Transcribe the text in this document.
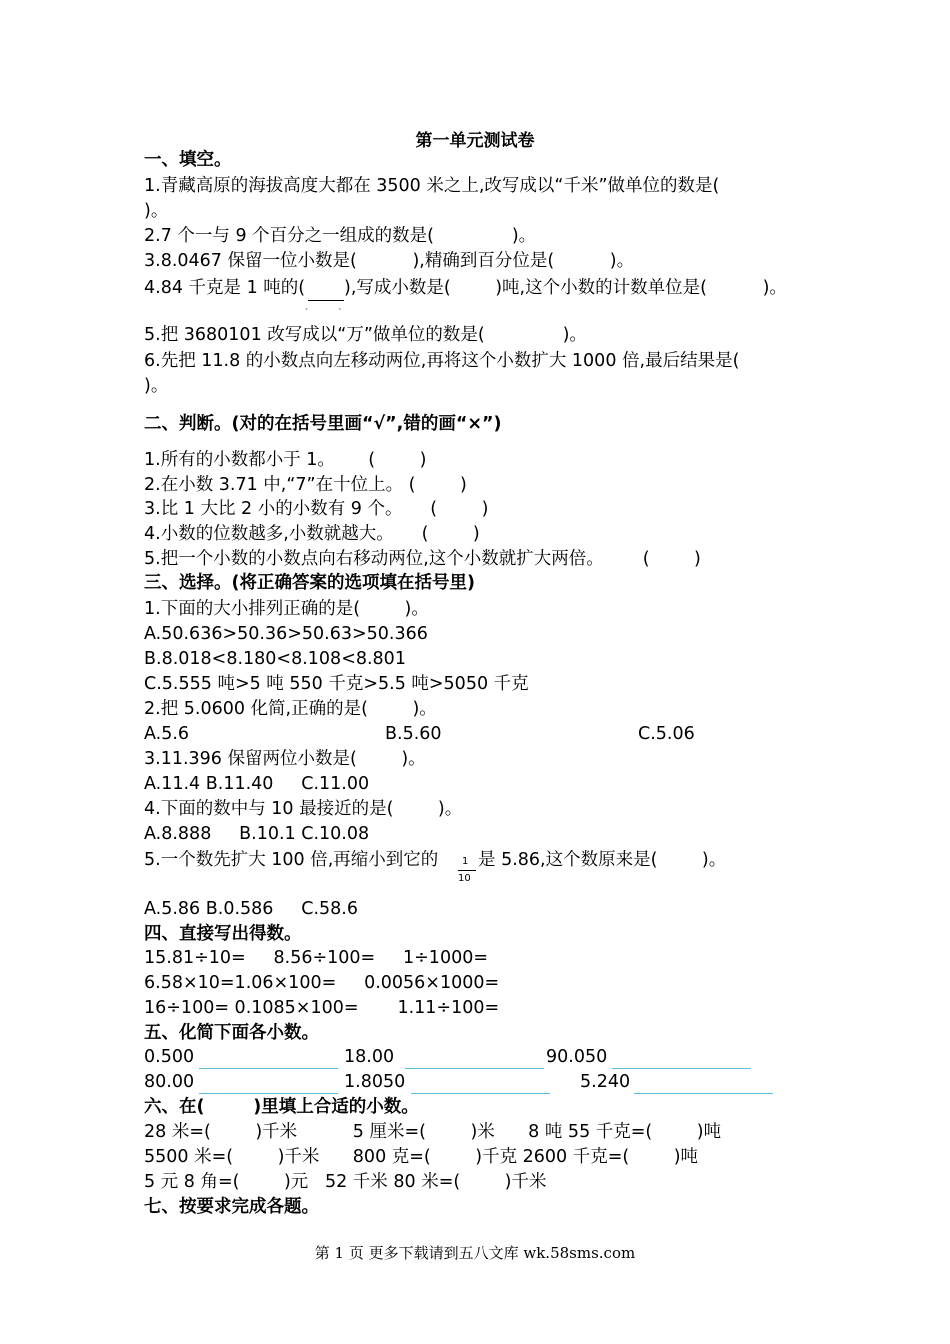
第一单元测试卷
一、填空。
1.青藏高原的海拔高度大都在 3500 米之上,改写成以“千米”做单位的数是(
)。
2.7 个一与 9 个百分之一组成的数是(              )。
3.8.0467 保留一位小数是(          ),精确到百分位是(          )。
4.84 千克是 1 吨的( ),写成小数是(        )吨,这个小数的计数单位是(          )。
ˏ	ˎ
5.把 3680101 改写成以“万”做单位的数是(              )。
6.先把 11.8 的小数点向左移动两位,再将这个小数扩大 1000 倍,最后结果是(
)。
二、判断。(对的在括号里画“√”,错的画“×”)
1.所有的小数都小于 1。      (        )
2.在小数 3.71 中,“7”在十位上。 (        )
3.比 1 大比 2 小的小数有 9 个。     (        )
4.小数的位数越多,小数就越大。     (        )
5.把一个小数的小数点向右移动两位,这个小数就扩大两倍。       (        )
三、选择。(将正确答案的选项填在括号里)
1.下面的大小排列正确的是(        )。
A.50.636>50.36>50.63>50.366
B.8.018<8.180<8.108<8.801
C.5.555 吨>5 吨 550 千克>5.5 吨>5050 千克
2.把 5.0600 化简,正确的是(        )。
A.5.6	B.5.60	C.5.06
3.11.396 保留两位小数是(        )。
A.11.4 B.11.40     C.11.00
4.下面的数中与 10 最接近的是(        )。
A.8.888     B.10.1 C.10.08
5.一个数先扩大 100 倍,再缩小到它的 1
10
是 5.86,这个数原来是(        )。
A.5.86 B.0.586     C.58.6
四、直接写出得数。
15.81÷10=     8.56÷100=     1÷1000=
6.58×10=1.06×100=     0.0056×1000=
16÷100= 0.1085×100=       1.11÷100=
五、化简下面各小数。
0.500	18.00	90.050
80.00	1.8050	5.240
六、在(        )里填上合适的小数。
28 米=(        )千米          5 厘米=(        )米      8 吨 55 千克=(        )吨
5500 米=(        )千米      800 克=(        )千克 2600 千克=(        )吨
5 元 8 角=(        )元   52 千米 80 米=(        )千米
七、按要求完成各题。
第 1 页 更多下载请到五八文库 wk.58sms.com
